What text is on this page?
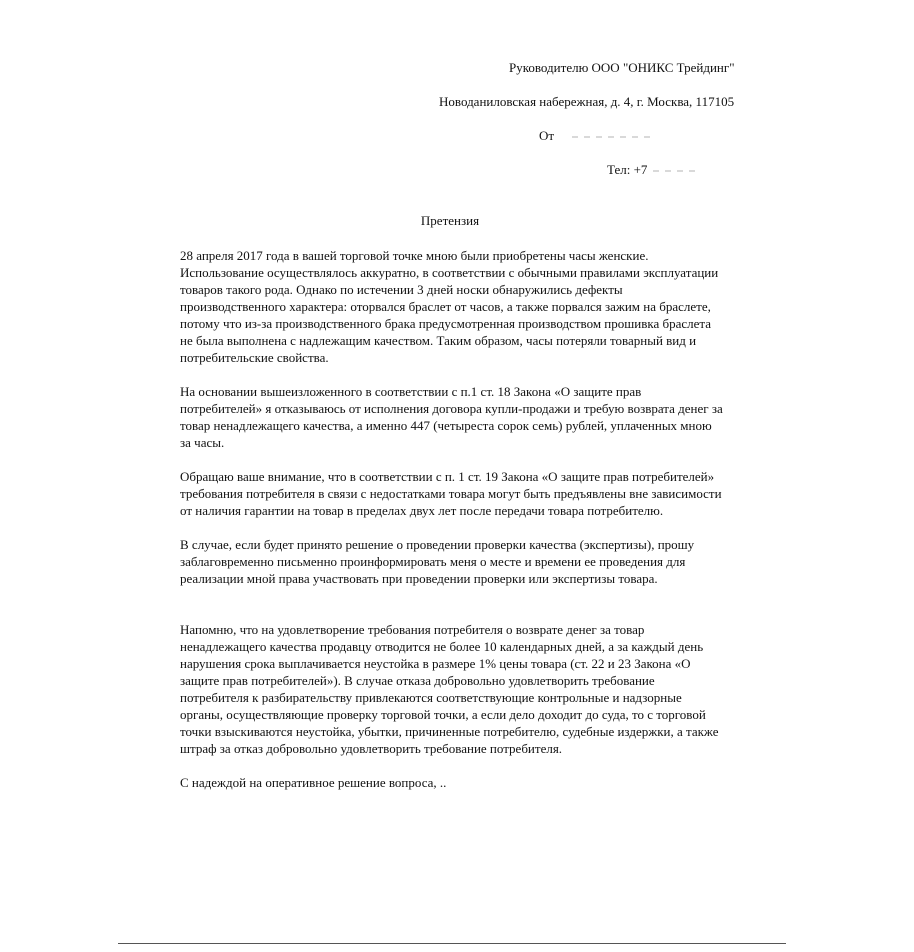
Руководителю ООО "ОНИКС Трейдинг"
Новоданиловская набережная, д. 4, г. Москва, 117105
От
Тел: +7
Претензия

28 апреля 2017 года в вашей торговой точке мною были приобретены часы женские. Использование осуществлялось аккуратно, в соответствии с обычными правилами эксплуатации товаров такого рода. Однако по истечении 3 дней носки обнаружились дефекты производственного характера: оторвался браслет от часов, а также порвался зажим на браслете, потому что из-за производственного брака предусмотренная производством прошивка браслета не была выполнена с надлежащим качеством. Таким образом, часы потеряли товарный вид и потребительские свойства.

На основании вышеизложенного в соответствии с п.1 ст. 18 Закона «О защите прав потребителей» я отказываюсь от исполнения договора купли-продажи и требую возврата денег за товар ненадлежащего качества, а именно 447 (четыреста сорок семь) рублей, уплаченных мною за часы.

Обращаю ваше внимание, что в соответствии с п. 1 ст. 19 Закона «О защите прав потребителей» требования потребителя в связи с недостатками товара могут быть предъявлены вне зависимости от наличия гарантии на товар в пределах двух лет после передачи товара потребителю.

В случае, если будет принято решение о проведении проверки качества (экспертизы), прошу заблаговременно письменно проинформировать меня о месте и времени ее проведения для реализации мной права участвовать при проведении проверки или экспертизы товара.

Напомню, что на удовлетворение требования потребителя о возврате денег за товар ненадлежащего качества продавцу отводится не более 10 календарных дней, а за каждый день нарушения срока выплачивается неустойка в размере 1% цены товара (ст. 22 и 23 Закона «О защите прав потребителей»). В случае отказа добровольно удовлетворить требование потребителя к разбирательству привлекаются соответствующие контрольные и надзорные органы, осуществляющие проверку торговой точки, а если дело доходит до суда, то с торговой точки взыскиваются неустойка, убытки, причиненные потребителю, судебные издержки, а также штраф за отказ добровольно удовлетворить требование потребителя.

С надеждой на оперативное решение вопроса, ..
